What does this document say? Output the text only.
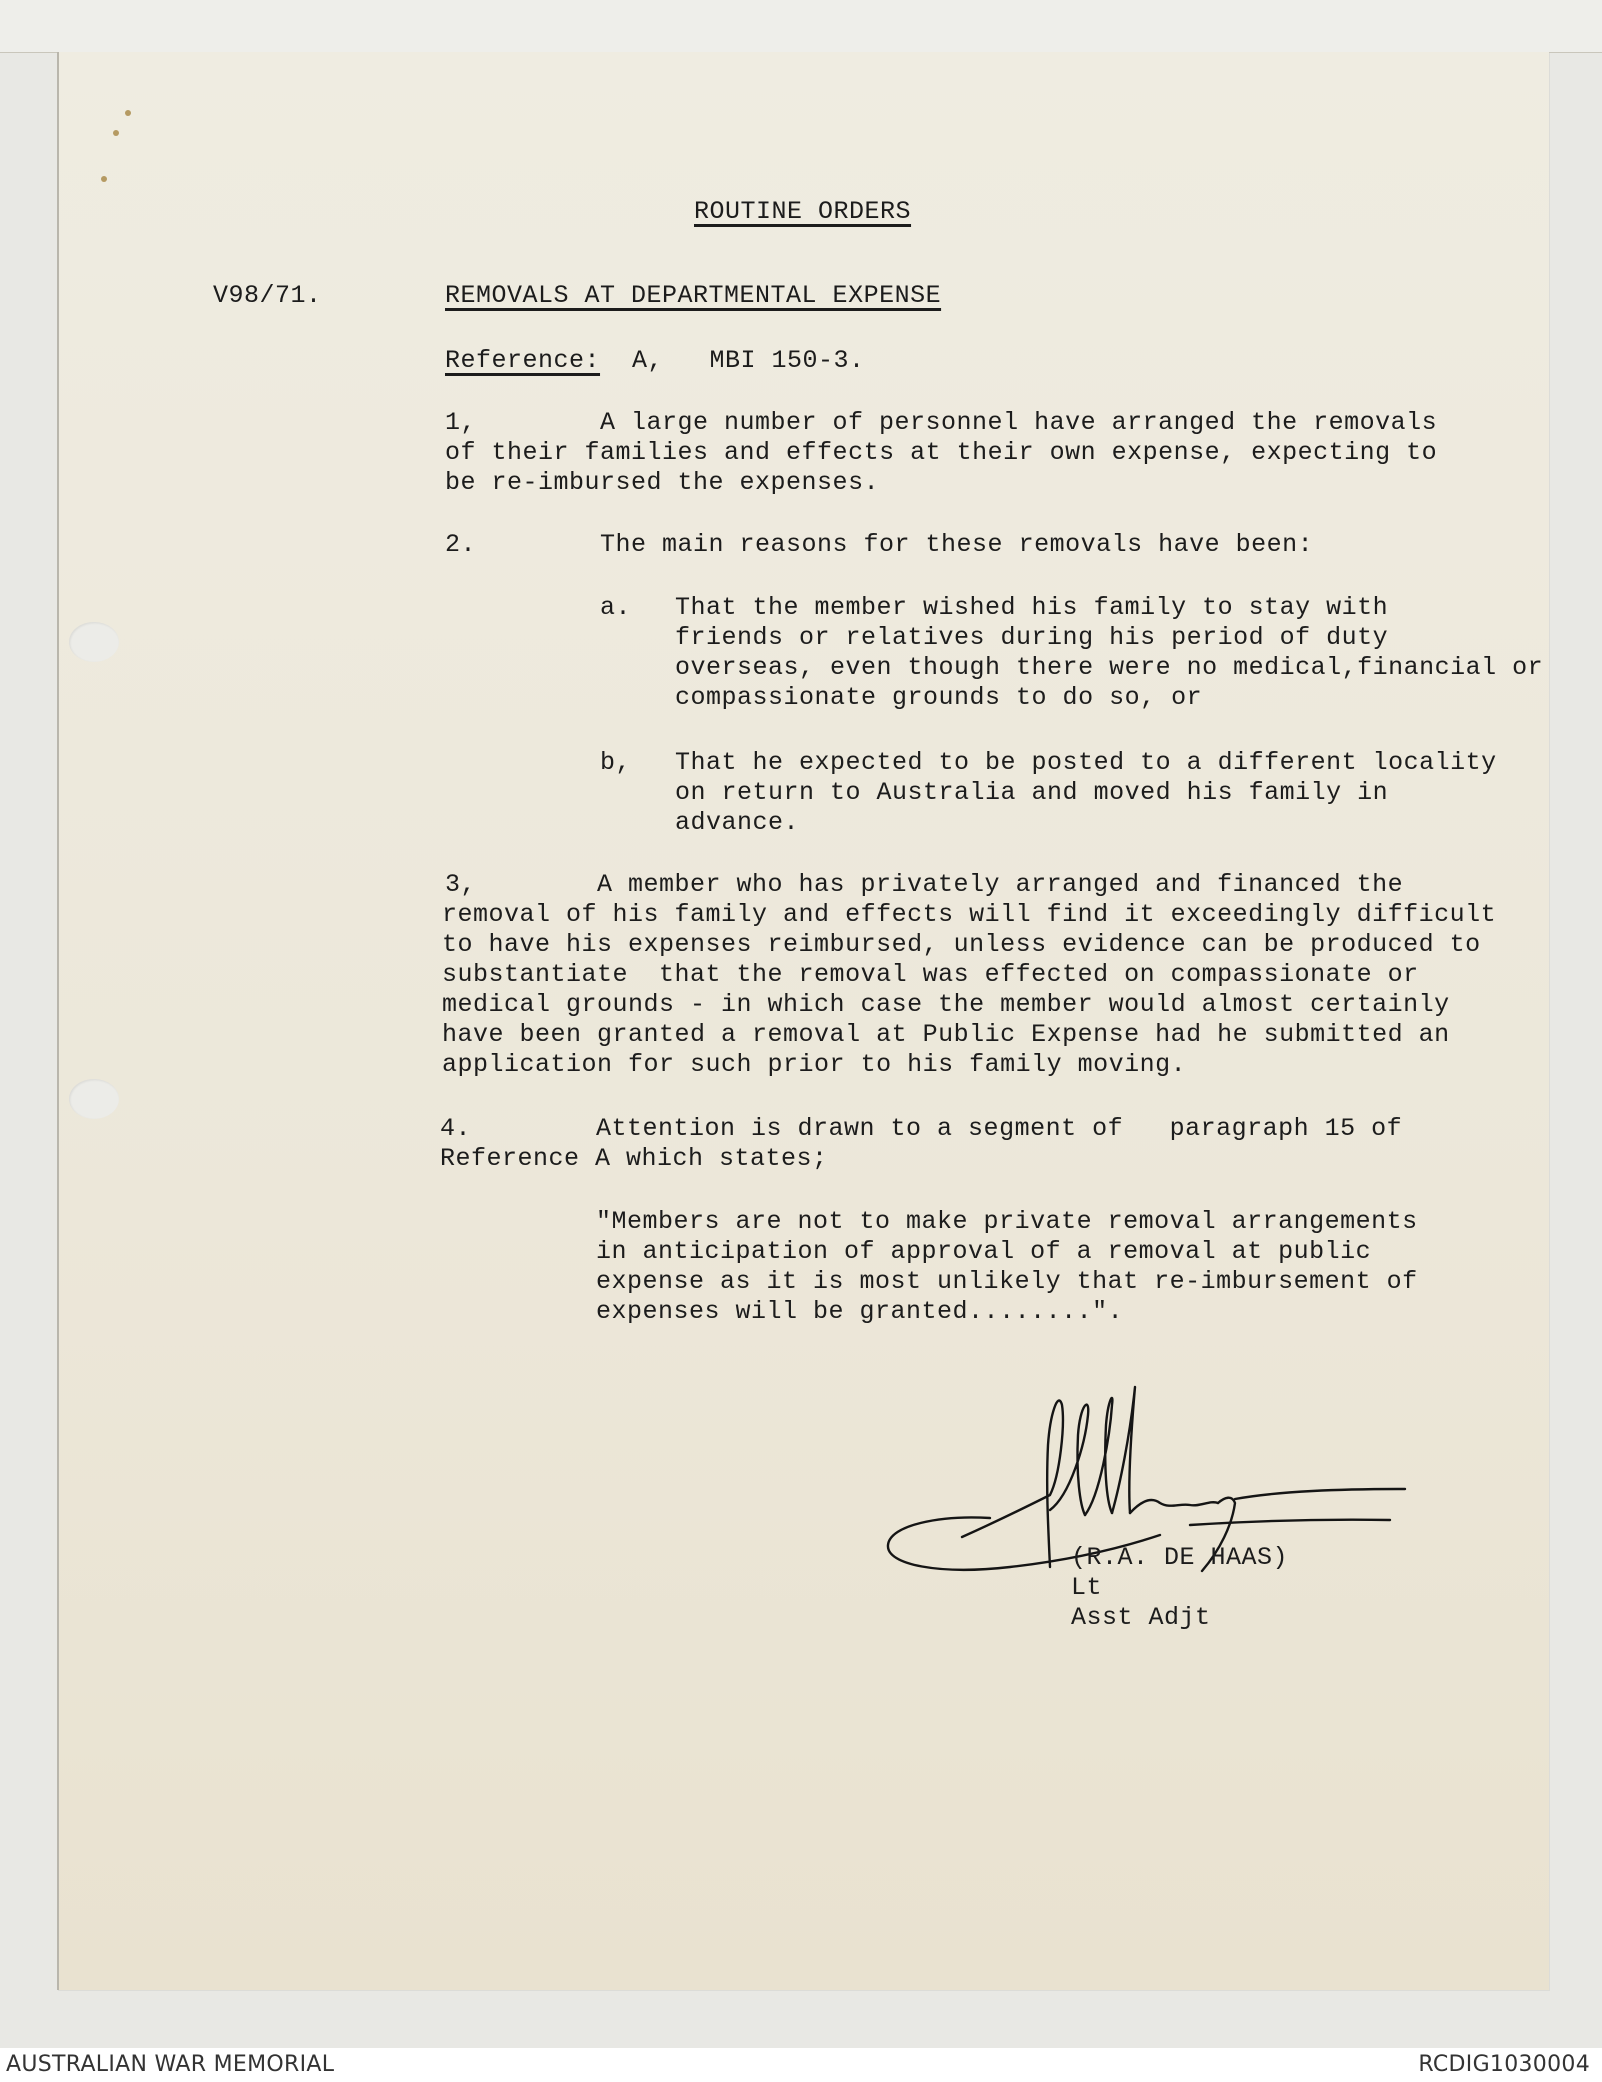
ROUTINE ORDERS
V98/71.	REMOVALS AT DEPARTMENTAL EXPENSE
Reference: A,   MBI 150-3.
1,	A large number of personnel have arranged the removals
of their families and effects at their own expense, expecting to
be re-imbursed the expenses.
2.	The main reasons for these removals have been:
a. That the member wished his family to stay with
friends or relatives during his period of duty
overseas, even though there were no medical,financial or
compassionate grounds to do so, or
b, That he expected to be posted to a different locality
on return to Australia and moved his family in
advance.
3,	A member who has privately arranged and financed the
removal of his family and effects will find it exceedingly difficult
to have his expenses reimbursed, unless evidence can be produced to
substantiate  that the removal was effected on compassionate or
medical grounds - in which case the member would almost certainly
have been granted a removal at Public Expense had he submitted an
application for such prior to his family moving.
4.	Attention is drawn to a segment of   paragraph 15 of
Reference A which states;
"Members are not to make private removal arrangements
in anticipation of approval of a removal at public
expense as it is most unlikely that re-imbursement of
expenses will be granted........".
(R.A. DE HAAS)
Lt
Asst Adjt
AUSTRALIAN WAR MEMORIAL	RCDIG1030004
